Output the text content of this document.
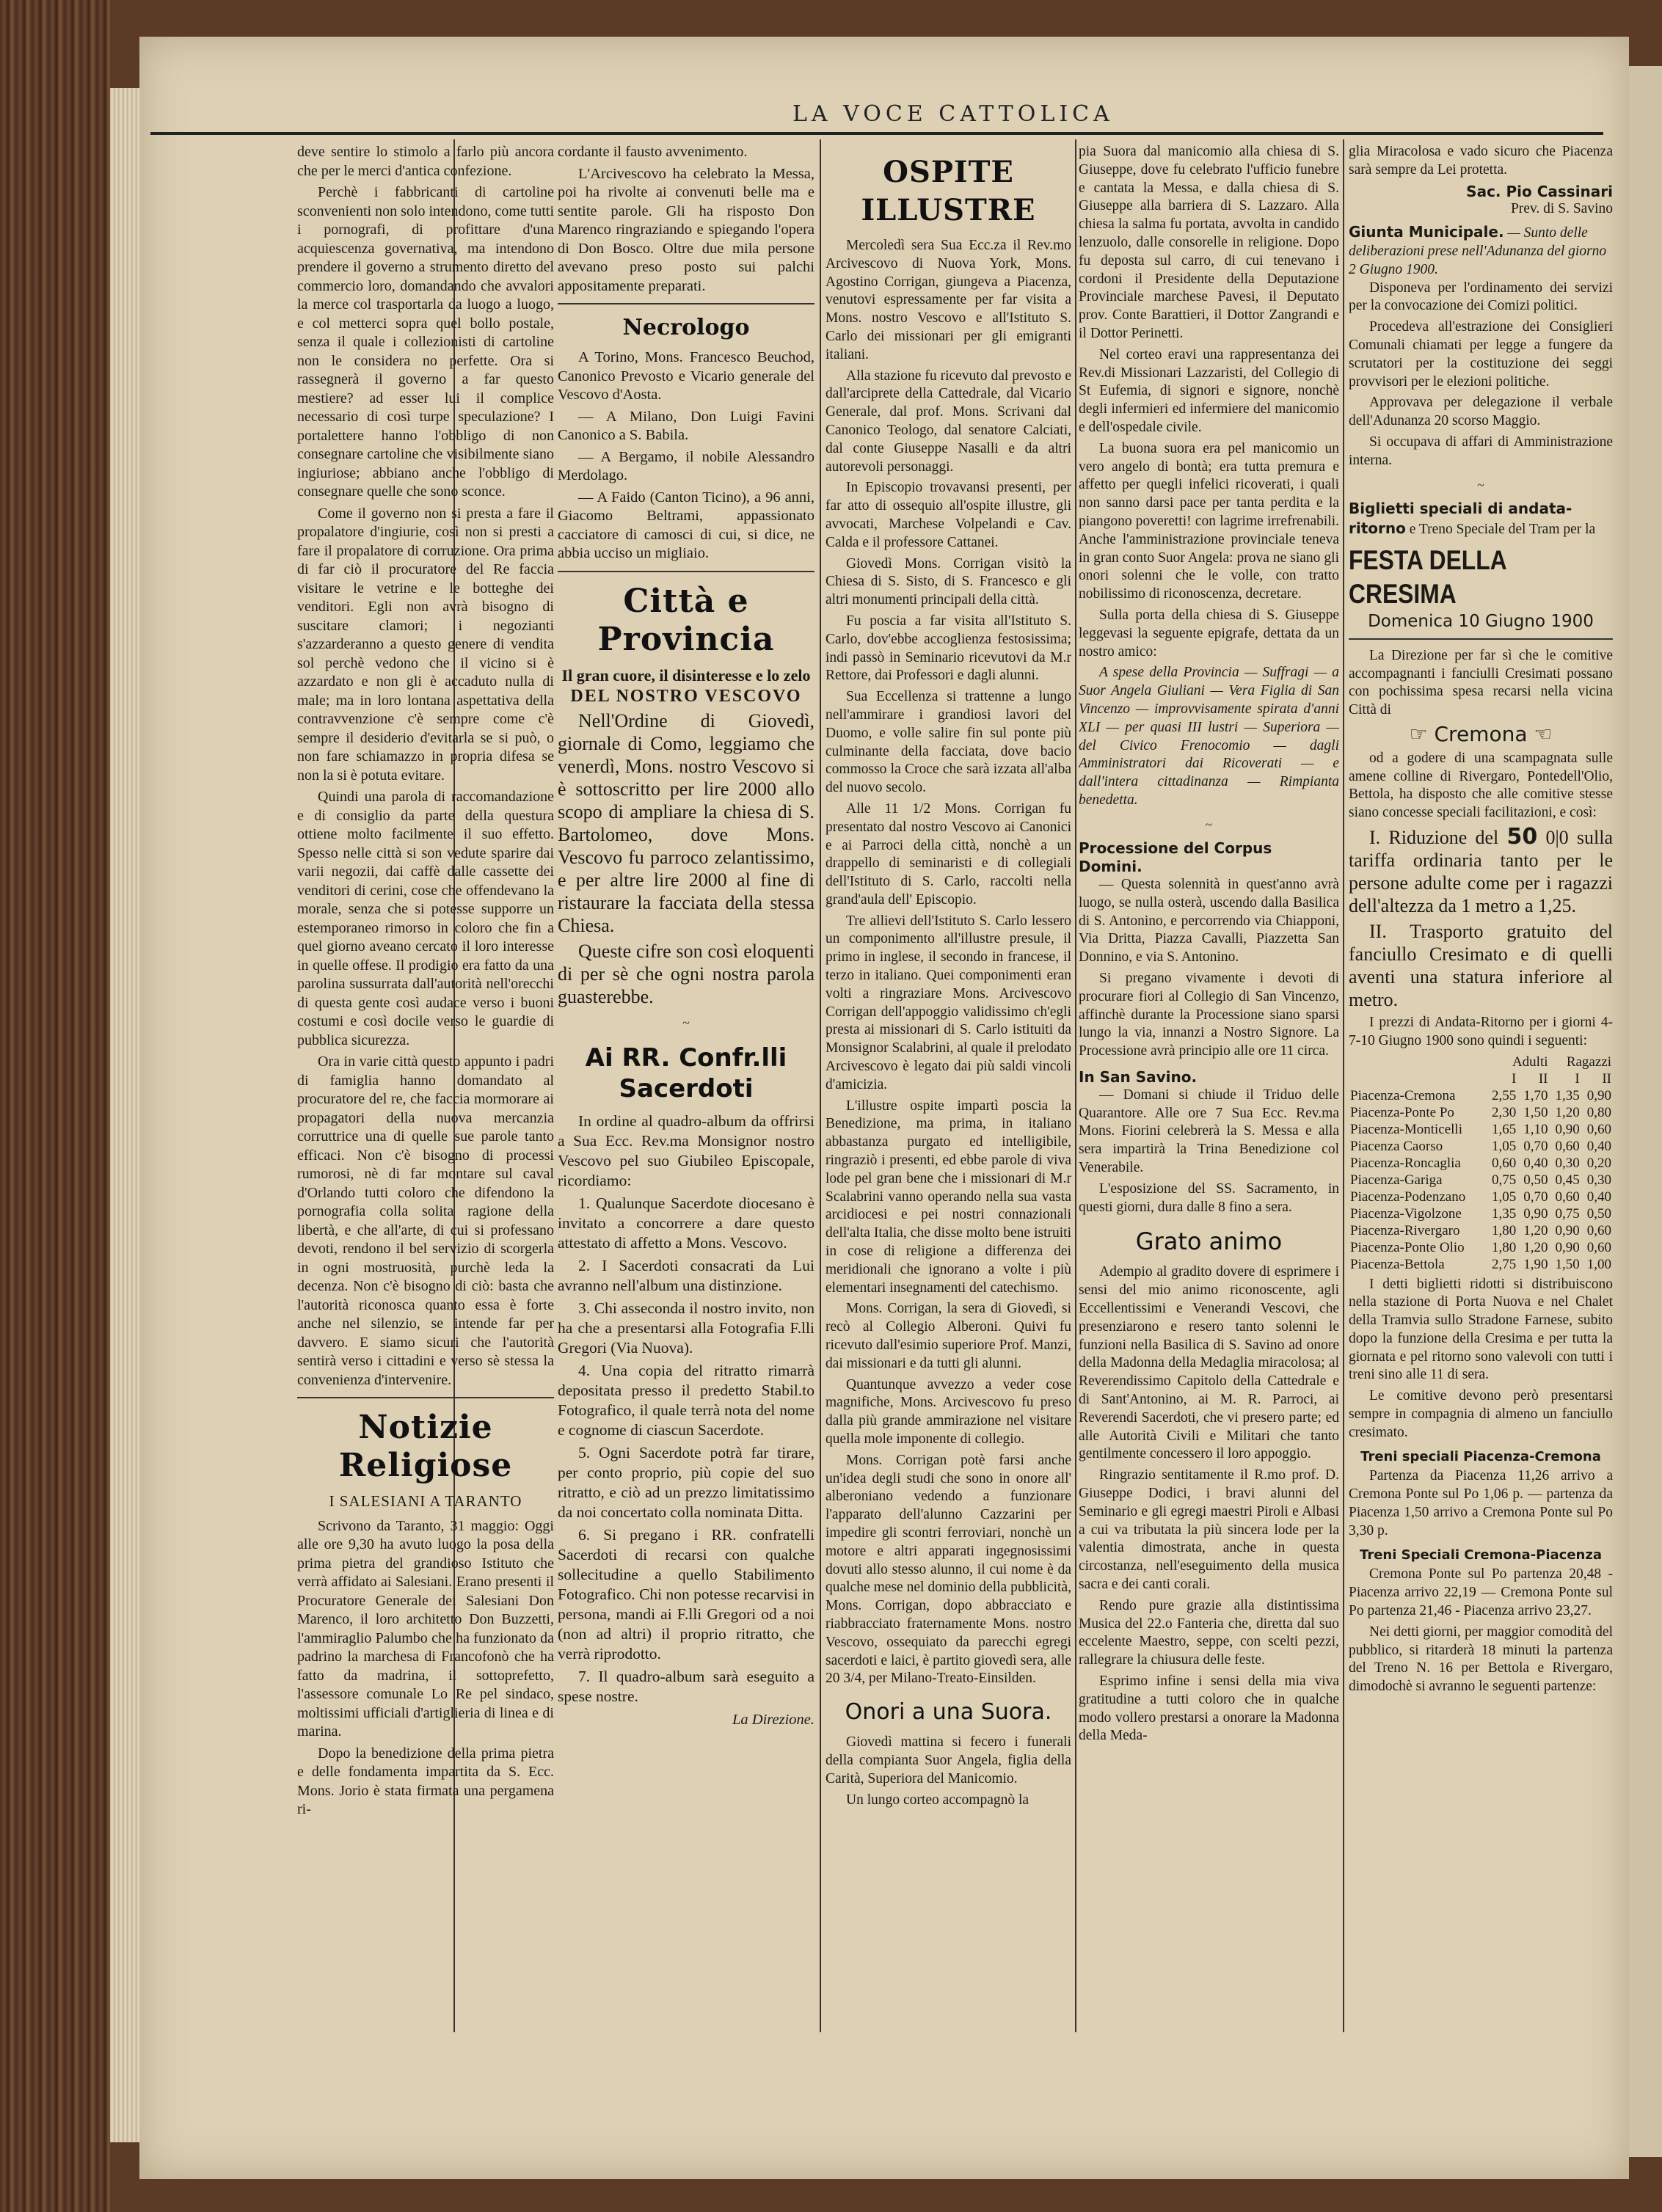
LA VOCE CATTOLICA

deve sentire lo stimolo a farlo più ancora che per le merci d'antica confezione.

Perchè i fabbricanti di cartoline sconvenienti non solo intendono, come tutti i pornografi, di profittare d'una acquiescenza governativa, ma intendono prendere il governo a strumento diretto del commercio loro, domandando che avvalori la merce col trasportarla da luogo a luogo, e col metterci sopra quel bollo postale, senza il quale i collezionisti di cartoline non le considera no perfette. Ora si rassegnerà il governo a far questo mestiere? ad esser lui il complice necessario di così turpe speculazione? I portalettere hanno l'obbligo di non consegnare cartoline che visibilmente siano ingiuriose; abbiano anche l'obbligo di consegnare quelle che sono sconce.

Come il governo non si presta a fare il propalatore d'ingiurie, così non si presti a fare il propalatore di corruzione. Ora prima di far ciò il procuratore del Re faccia visitare le vetrine e le botteghe dei venditori. Egli non avrà bisogno di suscitare clamori; i negozianti s'azzarderanno a questo genere di vendita sol perchè vedono che il vicino si è azzardato e non gli è accaduto nulla di male; ma in loro lontana aspettativa della contravvenzione c'è sempre come c'è sempre il desiderio d'evitarla se si può, o non fare schiamazzo in propria difesa se non la si è potuta evitare.

Quindi una parola di raccomandazione e di consiglio da parte della questura ottiene molto facilmente il suo effetto. Spesso nelle città si son vedute sparire dai varii negozii, dai caffè dalle cassette dei venditori di cerini, cose che offendevano la morale, senza che si potesse supporre un estemporaneo rimorso in coloro che fin a quel giorno aveano cercato il loro interesse in quelle offese. Il prodigio era fatto da una parolina sussurrata dall'autorità nell'orecchi di questa gente così audace verso i buoni costumi e così docile verso le guardie di pubblica sicurezza.

Ora in varie città questo appunto i padri di famiglia hanno domandato al procuratore del re, che faccia mormorare ai propagatori della nuova mercanzia corruttrice una di quelle sue parole tanto efficaci. Non c'è bisogno di processi rumorosi, nè di far montare sul caval d'Orlando tutti coloro che difendono la pornografia colla solita ragione della libertà, e che all'arte, di cui si professano devoti, rendono il bel servizio di scorgerla in ogni mostruosità, purchè leda la decenza. Non c'è bisogno di ciò: basta che l'autorità riconosca quanto essa è forte anche nel silenzio, se intende far per davvero. E siamo sicuri che l'autorità sentirà verso i cittadini e verso sè stessa la convenienza d'intervenire.

Notizie Religiose
I SALESIANI A TARANTO

Scrivono da Taranto, 31 maggio: Oggi alle ore 9,30 ha avuto luogo la posa della prima pietra del grandioso Istituto che verrà affidato ai Salesiani. Erano presenti il Procuratore Generale dei Salesiani Don Marenco, il loro architetto Don Buzzetti, l'ammiraglio Palumbo che ha funzionato da padrino la marchesa di Francofonò che ha fatto da madrina, il sottoprefetto, l'assessore comunale Lo Re pel sindaco, moltissimi ufficiali d'artiglieria di linea e di marina.

Dopo la benedizione della prima pietra e delle fondamenta impartita da S. Ecc. Mons. Jorio è stata firmata una pergamena ri-

cordante il fausto avvenimento.

L'Arcivescovo ha celebrato la Messa, poi ha rivolte ai convenuti belle ma e sentite parole. Gli ha risposto Don Marenco ringraziando e spiegando l'opera di Don Bosco. Oltre due mila persone avevano preso posto sui palchi appositamente preparati.

Necrologo

A Torino, Mons. Francesco Beuchod, Canonico Prevosto e Vicario generale del Vescovo d'Aosta.

— A Milano, Don Luigi Favini Canonico a S. Babila.

— A Bergamo, il nobile Alessandro Merdolago.

— A Faido (Canton Ticino), a 96 anni, Giacomo Beltrami, appassionato cacciatore di camosci di cui, si dice, ne abbia ucciso un migliaio.

Città e Provincia
Il gran cuore, il disinteresse e lo zelo
DEL NOSTRO VESCOVO

Nell'Ordine di Giovedì, giornale di Como, leggiamo che venerdì, Mons. nostro Vescovo si è sottoscritto per lire 2000 allo scopo di ampliare la chiesa di S. Bartolomeo, dove Mons. Vescovo fu parroco zelantissimo, e per altre lire 2000 al fine di ristaurare la facciata della stessa Chiesa.

Queste cifre son così eloquenti di per sè che ogni nostra parola guasterebbe.

~
Ai RR. Confr.lli Sacerdoti

In ordine al quadro-album da offrirsi a Sua Ecc. Rev.ma Monsignor nostro Vescovo pel suo Giubileo Episcopale, ricordiamo:

1. Qualunque Sacerdote diocesano è invitato a concorrere a dare questo attestato di affetto a Mons. Vescovo.

2. I Sacerdoti consacrati da Lui avranno nell'album una distinzione.

3. Chi asseconda il nostro invito, non ha che a presentarsi alla Fotografia F.lli Gregori (Via Nuova).

4. Una copia del ritratto rimarrà depositata presso il predetto Stabil.to Fotografico, il quale terrà nota del nome e cognome di ciascun Sacerdote.

5. Ogni Sacerdote potrà far tirare, per conto proprio, più copie del suo ritratto, e ciò ad un prezzo limitatissimo da noi concertato colla nominata Ditta.

6. Si pregano i RR. confratelli Sacerdoti di recarsi con qualche sollecitudine a quello Stabilimento Fotografico. Chi non potesse recarvisi in persona, mandi ai F.lli Gregori od a noi (non ad altri) il proprio ritratto, che verrà riprodotto.

7. Il quadro-album sarà eseguito a spese nostre.

La Direzione.
OSPITE ILLUSTRE

Mercoledì sera Sua Ecc.za il Rev.mo Arcivescovo di Nuova York, Mons. Agostino Corrigan, giungeva a Piacenza, venutovi espressamente per far visita a Mons. nostro Vescovo e all'Istituto S. Carlo dei missionari per gli emigranti italiani.

Alla stazione fu ricevuto dal prevosto e dall'arciprete della Cattedrale, dal Vicario Generale, dal prof. Mons. Scrivani dal Canonico Teologo, dal senatore Calciati, dal conte Giuseppe Nasalli e da altri autorevoli personaggi.

In Episcopio trovavansi presenti, per far atto di ossequio all'ospite illustre, gli avvocati, Marchese Volpelandi e Cav. Calda e il professore Cattanei.

Giovedì Mons. Corrigan visitò la Chiesa di S. Sisto, di S. Francesco e gli altri monumenti principali della città.

Fu poscia a far visita all'Istituto S. Carlo, dov'ebbe accoglienza festosissima; indi passò in Seminario ricevutovi da M.r Rettore, dai Professori e dagli alunni.

Sua Eccellenza si trattenne a lungo nell'ammirare i grandiosi lavori del Duomo, e volle salire fin sul ponte più culminante della facciata, dove bacio commosso la Croce che sarà izzata all'alba del nuovo secolo.

Alle 11 1/2 Mons. Corrigan fu presentato dal nostro Vescovo ai Canonici e ai Parroci della città, nonchè a un drappello di seminaristi e di collegiali dell'Istituto di S. Carlo, raccolti nella grand'aula dell' Episcopio.

Tre allievi dell'Istituto S. Carlo lessero un componimento all'illustre presule, il primo in inglese, il secondo in francese, il terzo in italiano. Quei componimenti eran volti a ringraziare Mons. Arcivescovo Corrigan dell'appoggio validissimo ch'egli presta ai missionari di S. Carlo istituiti da Monsignor Scalabrini, al quale il prelodato Arcivescovo è legato dai più saldi vincoli d'amicizia.

L'illustre ospite impartì poscia la Benedizione, ma prima, in italiano abbastanza purgato ed intelligibile, ringraziò i presenti, ed ebbe parole di viva lode pel gran bene che i missionari di M.r Scalabrini vanno operando nella sua vasta arcidiocesi e pei nostri connazionali dell'alta Italia, che disse molto bene istruiti in cose di religione a differenza dei meridionali che ignorano a volte i più elementari insegnamenti del catechismo.

Mons. Corrigan, la sera di Giovedì, si recò al Collegio Alberoni. Quivi fu ricevuto dall'esimio superiore Prof. Manzi, dai missionari e da tutti gli alunni.

Quantunque avvezzo a veder cose magnifiche, Mons. Arcivescovo fu preso dalla più grande ammirazione nel visitare quella mole imponente di collegio.

Mons. Corrigan potè farsi anche un'idea degli studi che sono in onore all' alberoniano vedendo a funzionare l'apparato dell'alunno Cazzarini per impedire gli scontri ferroviari, nonchè un motore e altri apparati ingegnosissimi dovuti allo stesso alunno, il cui nome è da qualche mese nel dominio della pubblicità, Mons. Corrigan, dopo abbracciato e riabbracciato fraternamente Mons. nostro Vescovo, ossequiato da parecchi egregi sacerdoti e laici, è partito giovedì sera, alle 20 3/4, per Milano-Treato-Einsilden.

Onori a una Suora.

Giovedì mattina si fecero i funerali della compianta Suor Angela, figlia della Carità, Superiora del Manicomio.

Un lungo corteo accompagnò la

pia Suora dal manicomio alla chiesa di S. Giuseppe, dove fu celebrato l'ufficio funebre e cantata la Messa, e dalla chiesa di S. Giuseppe alla barriera di S. Lazzaro. Alla chiesa la salma fu portata, avvolta in candido lenzuolo, dalle consorelle in religione. Dopo fu deposta sul carro, di cui tenevano i cordoni il Presidente della Deputazione Provinciale marchese Pavesi, il Deputato prov. Conte Barattieri, il Dottor Zangrandi e il Dottor Perinetti.

Nel corteo eravi una rappresentanza dei Rev.di Missionari Lazzaristi, del Collegio di St Eufemia, di signori e signore, nonchè degli infermieri ed infermiere del manicomio e dell'ospedale civile.

La buona suora era pel manicomio un vero angelo di bontà; era tutta premura e affetto per quegli infelici ricoverati, i quali non sanno darsi pace per tanta perdita e la piangono poveretti! con lagrime irrefrenabili. Anche l'amministrazione provinciale teneva in gran conto Suor Angela: prova ne siano gli onori solenni che le volle, con tratto nobilissimo di riconoscenza, decretare.

Sulla porta della chiesa di S. Giuseppe leggevasi la seguente epigrafe, dettata da un nostro amico:

A spese della Provincia — Suffragi — a Suor Angela Giuliani — Vera Figlia di San Vincenzo — improvvisamente spirata d'anni XLI — per quasi III lustri — Superiora — del Civico Frenocomio — dagli Amministratori dai Ricoverati — e dall'intera cittadinanza — Rimpianta benedetta.

~
Processione del Corpus Domini.

— Questa solennità in quest'anno avrà luogo, se nulla osterà, uscendo dalla Basilica di S. Antonino, e percorrendo via Chiapponi, Via Dritta, Piazza Cavalli, Piazzetta San Donnino, e via S. Antonino.

Si pregano vivamente i devoti di procurare fiori al Collegio di San Vincenzo, affinchè durante la Processione siano sparsi lungo la via, innanzi a Nostro Signore. La Processione avrà principio alle ore 11 circa.

In San Savino.

— Domani si chiude il Triduo delle Quarantore. Alle ore 7 Sua Ecc. Rev.ma Mons. Fiorini celebrerà la S. Messa e alla sera impartirà la Trina Benedizione col Venerabile.

L'esposizione del SS. Sacramento, in questi giorni, dura dalle 8 fino a sera.

Grato animo

Adempio al gradito dovere di esprimere i sensi del mio animo riconoscente, agli Eccellentissimi e Venerandi Vescovi, che presenziarono e resero tanto solenni le funzioni nella Basilica di S. Savino ad onore della Madonna della Medaglia miracolosa; al Reverendissimo Capitolo della Cattedrale e di Sant'Antonino, ai M. R. Parroci, ai Reverendi Sacerdoti, che vi presero parte; ed alle Autorità Civili e Militari che tanto gentilmente concessero il loro appoggio.

Ringrazio sentitamente il R.mo prof. D. Giuseppe Dodici, i bravi alunni del Seminario e gli egregi maestri Piroli e Albasi a cui va tributata la più sincera lode per la valentia dimostrata, anche in questa circostanza, nell'eseguimento della musica sacra e dei canti corali.

Rendo pure grazie alla distintissima Musica del 22.o Fanteria che, diretta dal suo eccelente Maestro, seppe, con scelti pezzi, rallegrare la chiusura delle feste.

Esprimo infine i sensi della mia viva gratitudine a tutti coloro che in qualche modo vollero prestarsi a onorare la Madonna della Meda-

glia Miracolosa e vado sicuro che Piacenza sarà sempre da Lei protetta.

Sac. Pio Cassinari
Prev. di S. Savino
Giunta Municipale. — Sunto delle deliberazioni prese nell'Adunanza del giorno 2 Giugno 1900.

Disponeva per l'ordinamento dei servizi per la convocazione dei Comizi politici.

Procedeva all'estrazione dei Consiglieri Comunali chiamati per legge a fungere da scrutatori per la costituzione dei seggi provvisori per le elezioni politiche.

Approvava per delegazione il verbale dell'Adunanza 20 scorso Maggio.

Si occupava di affari di Amministrazione interna.

~
Biglietti speciali di andata-ritorno e Treno Speciale del Tram per la
FESTA DELLA CRESIMA
Domenica 10 Giugno 1900

La Direzione per far sì che le comitive accompagnanti i fanciulli Cresimati possano con pochissima spesa recarsi nella vicina Città di

☞ Cremona ☜

od a godere di una scampagnata sulle amene colline di Rivergaro, Pontedell'Olio, Bettola, ha disposto che alle comitive stesse siano concesse speciali facilitazioni, e così:

I. Riduzione del 50 0|0 sulla tariffa ordinaria tanto per le persone adulte come per i ragazzi dell'altezza da 1 metro a 1,25.

II. Trasporto gratuito del fanciullo Cresimato e di quelli aventi una statura inferiore al metro.

I prezzi di Andata-Ritorno per i giorni 4-7-10 Giugno 1900 sono quindi i seguenti:

	Adulti		Ragazzi	
	I	II	I	II
Piacenza-Cremona	2,55	1,70	1,35	0,90
Piacenza-Ponte Po	2,30	1,50	1,20	0,80
Piacenza-Monticelli	1,65	1,10	0,90	0,60
Piacenza Caorso	1,05	0,70	0,60	0,40
Piacenza-Roncaglia	0,60	0,40	0,30	0,20
Piacenza-Gariga	0,75	0,50	0,45	0,30
Piacenza-Podenzano	1,05	0,70	0,60	0,40
Piacenza-Vigolzone	1,35	0,90	0,75	0,50
Piacenza-Rivergaro	1,80	1,20	0,90	0,60
Piacenza-Ponte Olio	1,80	1,20	0,90	0,60
Piacenza-Bettola	2,75	1,90	1,50	1,00

I detti biglietti ridotti si distribuiscono nella stazione di Porta Nuova e nel Chalet della Tramvia sullo Stradone Farnese, subito dopo la funzione della Cresima e per tutta la giornata e pel ritorno sono valevoli con tutti i treni sino alle 11 di sera.

Le comitive devono però presentarsi sempre in compagnia di almeno un fanciullo cresimato.

Treni speciali Piacenza-Cremona

Partenza da Piacenza 11,26 arrivo a Cremona Ponte sul Po 1,06 p. — partenza da Piacenza 1,50 arrivo a Cremona Ponte sul Po 3,30 p.

Treni Speciali Cremona-Piacenza

Cremona Ponte sul Po partenza 20,48 - Piacenza arrivo 22,19 — Cremona Ponte sul Po partenza 21,46 - Piacenza arrivo 23,27.

Nei detti giorni, per maggior comodità del pubblico, si ritarderà 18 minuti la partenza del Treno N. 16 per Bettola e Rivergaro, dimodochè si avranno le seguenti partenze:
